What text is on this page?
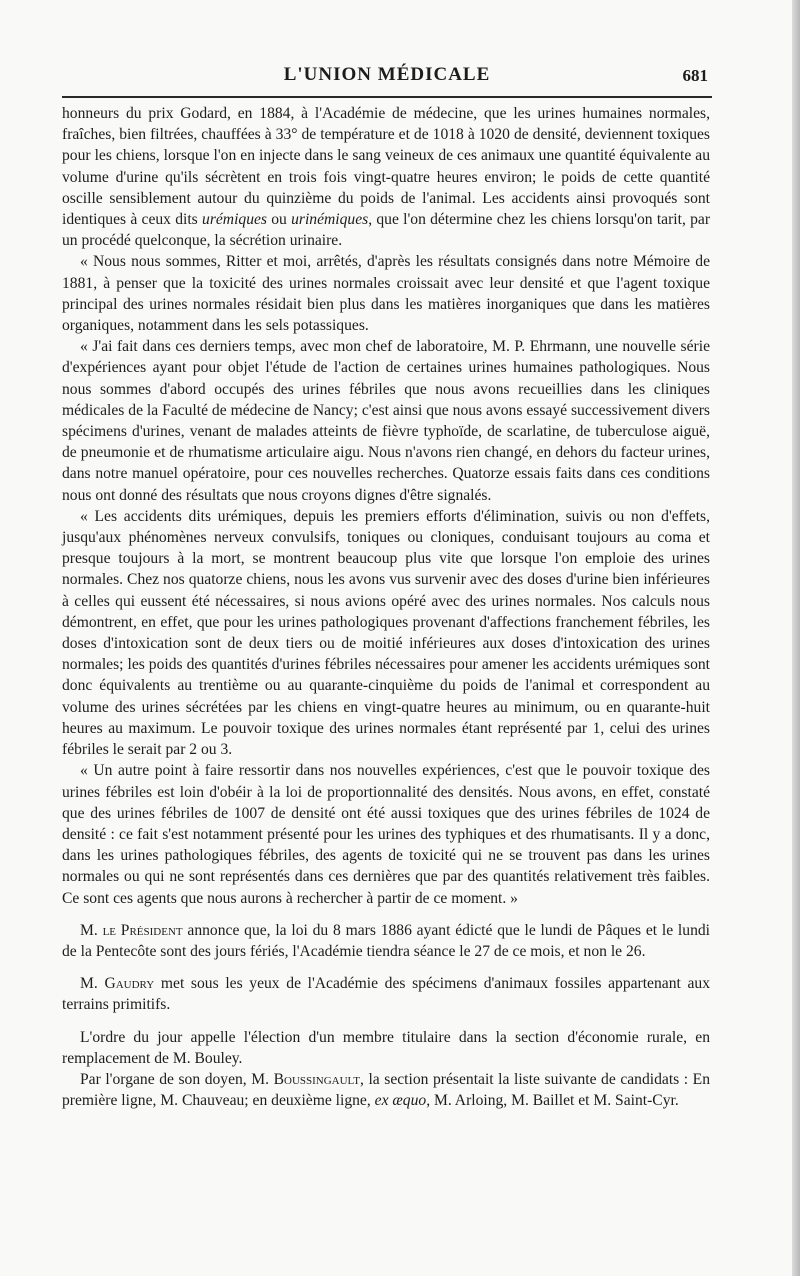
L'UNION MÉDICALE	681

honneurs du prix Godard, en 1884, à l'Académie de médecine, que les urines humaines normales, fraîches, bien filtrées, chauffées à 33° de température et de 1018 à 1020 de densité, deviennent toxiques pour les chiens, lorsque l'on en injecte dans le sang veineux de ces animaux une quantité équivalente au volume d'urine qu'ils sécrètent en trois fois vingt-quatre heures environ; le poids de cette quantité oscille sensiblement autour du quinzième du poids de l'animal. Les accidents ainsi provoqués sont identiques à ceux dits urémiques ou urinémiques, que l'on détermine chez les chiens lorsqu'on tarit, par un procédé quelconque, la sécrétion urinaire.

« Nous nous sommes, Ritter et moi, arrêtés, d'après les résultats consignés dans notre Mémoire de 1881, à penser que la toxicité des urines normales croissait avec leur densité et que l'agent toxique principal des urines normales résidait bien plus dans les matières inorganiques que dans les matières organiques, notamment dans les sels potassiques.

« J'ai fait dans ces derniers temps, avec mon chef de laboratoire, M. P. Ehrmann, une nouvelle série d'expériences ayant pour objet l'étude de l'action de certaines urines humaines pathologiques. Nous nous sommes d'abord occupés des urines fébriles que nous avons recueillies dans les cliniques médicales de la Faculté de médecine de Nancy; c'est ainsi que nous avons essayé successivement divers spécimens d'urines, venant de malades atteints de fièvre typhoïde, de scarlatine, de tuberculose aiguë, de pneumonie et de rhumatisme articulaire aigu. Nous n'avons rien changé, en dehors du facteur urines, dans notre manuel opératoire, pour ces nouvelles recherches. Quatorze essais faits dans ces conditions nous ont donné des résultats que nous croyons dignes d'être signalés.

« Les accidents dits urémiques, depuis les premiers efforts d'élimination, suivis ou non d'effets, jusqu'aux phénomènes nerveux convulsifs, toniques ou cloniques, conduisant toujours au coma et presque toujours à la mort, se montrent beaucoup plus vite que lorsque l'on emploie des urines normales. Chez nos quatorze chiens, nous les avons vus survenir avec des doses d'urine bien inférieures à celles qui eussent été nécessaires, si nous avions opéré avec des urines normales. Nos calculs nous démontrent, en effet, que pour les urines pathologiques provenant d'affections franchement fébriles, les doses d'intoxication sont de deux tiers ou de moitié inférieures aux doses d'intoxication des urines normales; les poids des quantités d'urines fébriles nécessaires pour amener les accidents urémiques sont donc équivalents au trentième ou au quarante-cinquième du poids de l'animal et correspondent au volume des urines sécrétées par les chiens en vingt-quatre heures au minimum, ou en quarante-huit heures au maximum. Le pouvoir toxique des urines normales étant représenté par 1, celui des urines fébriles le serait par 2 ou 3.

« Un autre point à faire ressortir dans nos nouvelles expériences, c'est que le pouvoir toxique des urines fébriles est loin d'obéir à la loi de proportionnalité des densités. Nous avons, en effet, constaté que des urines fébriles de 1007 de densité ont été aussi toxiques que des urines fébriles de 1024 de densité : ce fait s'est notamment présenté pour les urines des typhiques et des rhumatisants. Il y a donc, dans les urines pathologiques fébriles, des agents de toxicité qui ne se trouvent pas dans les urines normales ou qui ne sont représentés dans ces dernières que par des quantités relativement très faibles. Ce sont ces agents que nous aurons à rechercher à partir de ce moment. »

M. le Président annonce que, la loi du 8 mars 1886 ayant édicté que le lundi de Pâques et le lundi de la Pentecôte sont des jours fériés, l'Académie tiendra séance le 27 de ce mois, et non le 26.

M. Gaudry met sous les yeux de l'Académie des spécimens d'animaux fossiles appartenant aux terrains primitifs.

L'ordre du jour appelle l'élection d'un membre titulaire dans la section d'économie rurale, en remplacement de M. Bouley.

Par l'organe de son doyen, M. Boussingault, la section présentait la liste suivante de candidats : En première ligne, M. Chauveau; en deuxième ligne, ex æquo, M. Arloing, M. Baillet et M. Saint-Cyr.
